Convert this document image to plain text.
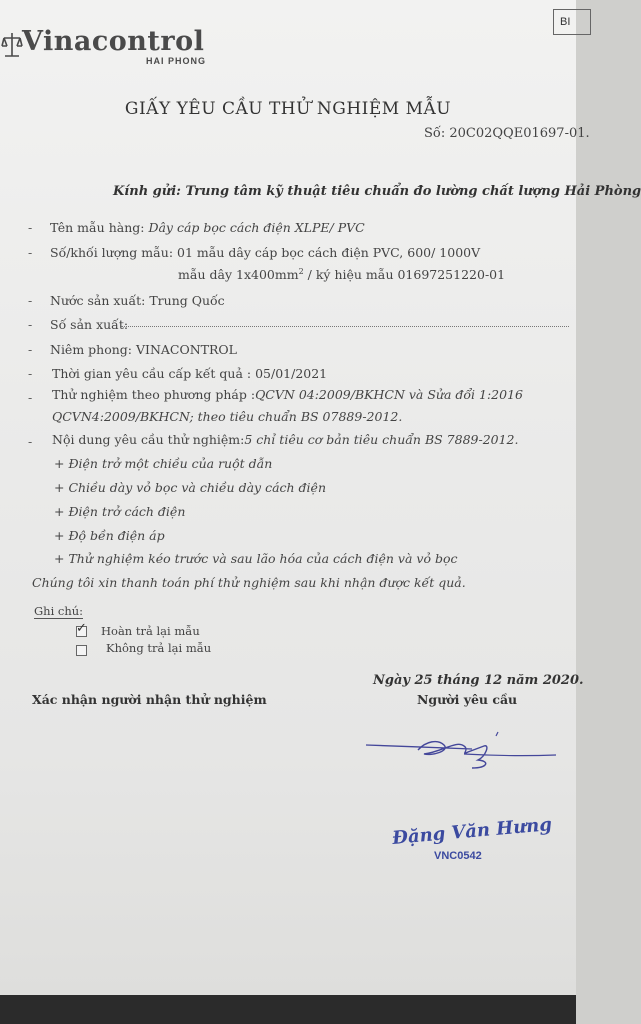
BI
Vinacontrol
HAI PHONG
GIẤY YÊU CẦU THỬ NGHIỆM MẪU
Số: 20C02QQE01697-01.
Kính gửi: Trung tâm kỹ thuật tiêu chuẩn đo lường chất lượng Hải Phòng
- Tên mẫu hàng: Dây cáp bọc cách điện XLPE/ PVC
- Số/khối lượng mẫu: 01 mẫu dây cáp bọc cách điện PVC, 600/ 1000V
mẫu dây $1x400mm^2$ / ký hiệu mẫu 01697251220-01
- Nước sản xuất: Trung Quốc
- Số sản xuất:
- Niêm phong: VINACONTROL
- Thời gian yêu cầu cấp kết quả : 05/01/2021
- Thử nghiệm theo phương pháp :QCVN 04:2009/BKHCN và Sửa đổi 1:2016
QCVN4:2009/BKHCN; theo tiêu chuẩn BS 07889-2012.
- Nội dung yêu cầu thử nghiệm:5 chỉ tiêu cơ bản tiêu chuẩn BS 7889-2012.
+ Điện trở một chiều của ruột dẫn
+ Chiều dày vỏ bọc và chiều dày cách điện
+ Điện trở cách điện
+ Độ bền điện áp
+ Thử nghiệm kéo trước và sau lão hóa của cách điện và vỏ bọc
Chúng tôi xin thanh toán phí thử nghiệm sau khi nhận được kết quả.
Ghi chú:
✓ Hoàn trả lại mẫu
Không trả lại mẫu
Ngày 25 tháng 12 năm 2020.
Xác nhận người nhận thử nghiệm	Người yêu cầu
Đặng Văn Hưng
VNC0542
